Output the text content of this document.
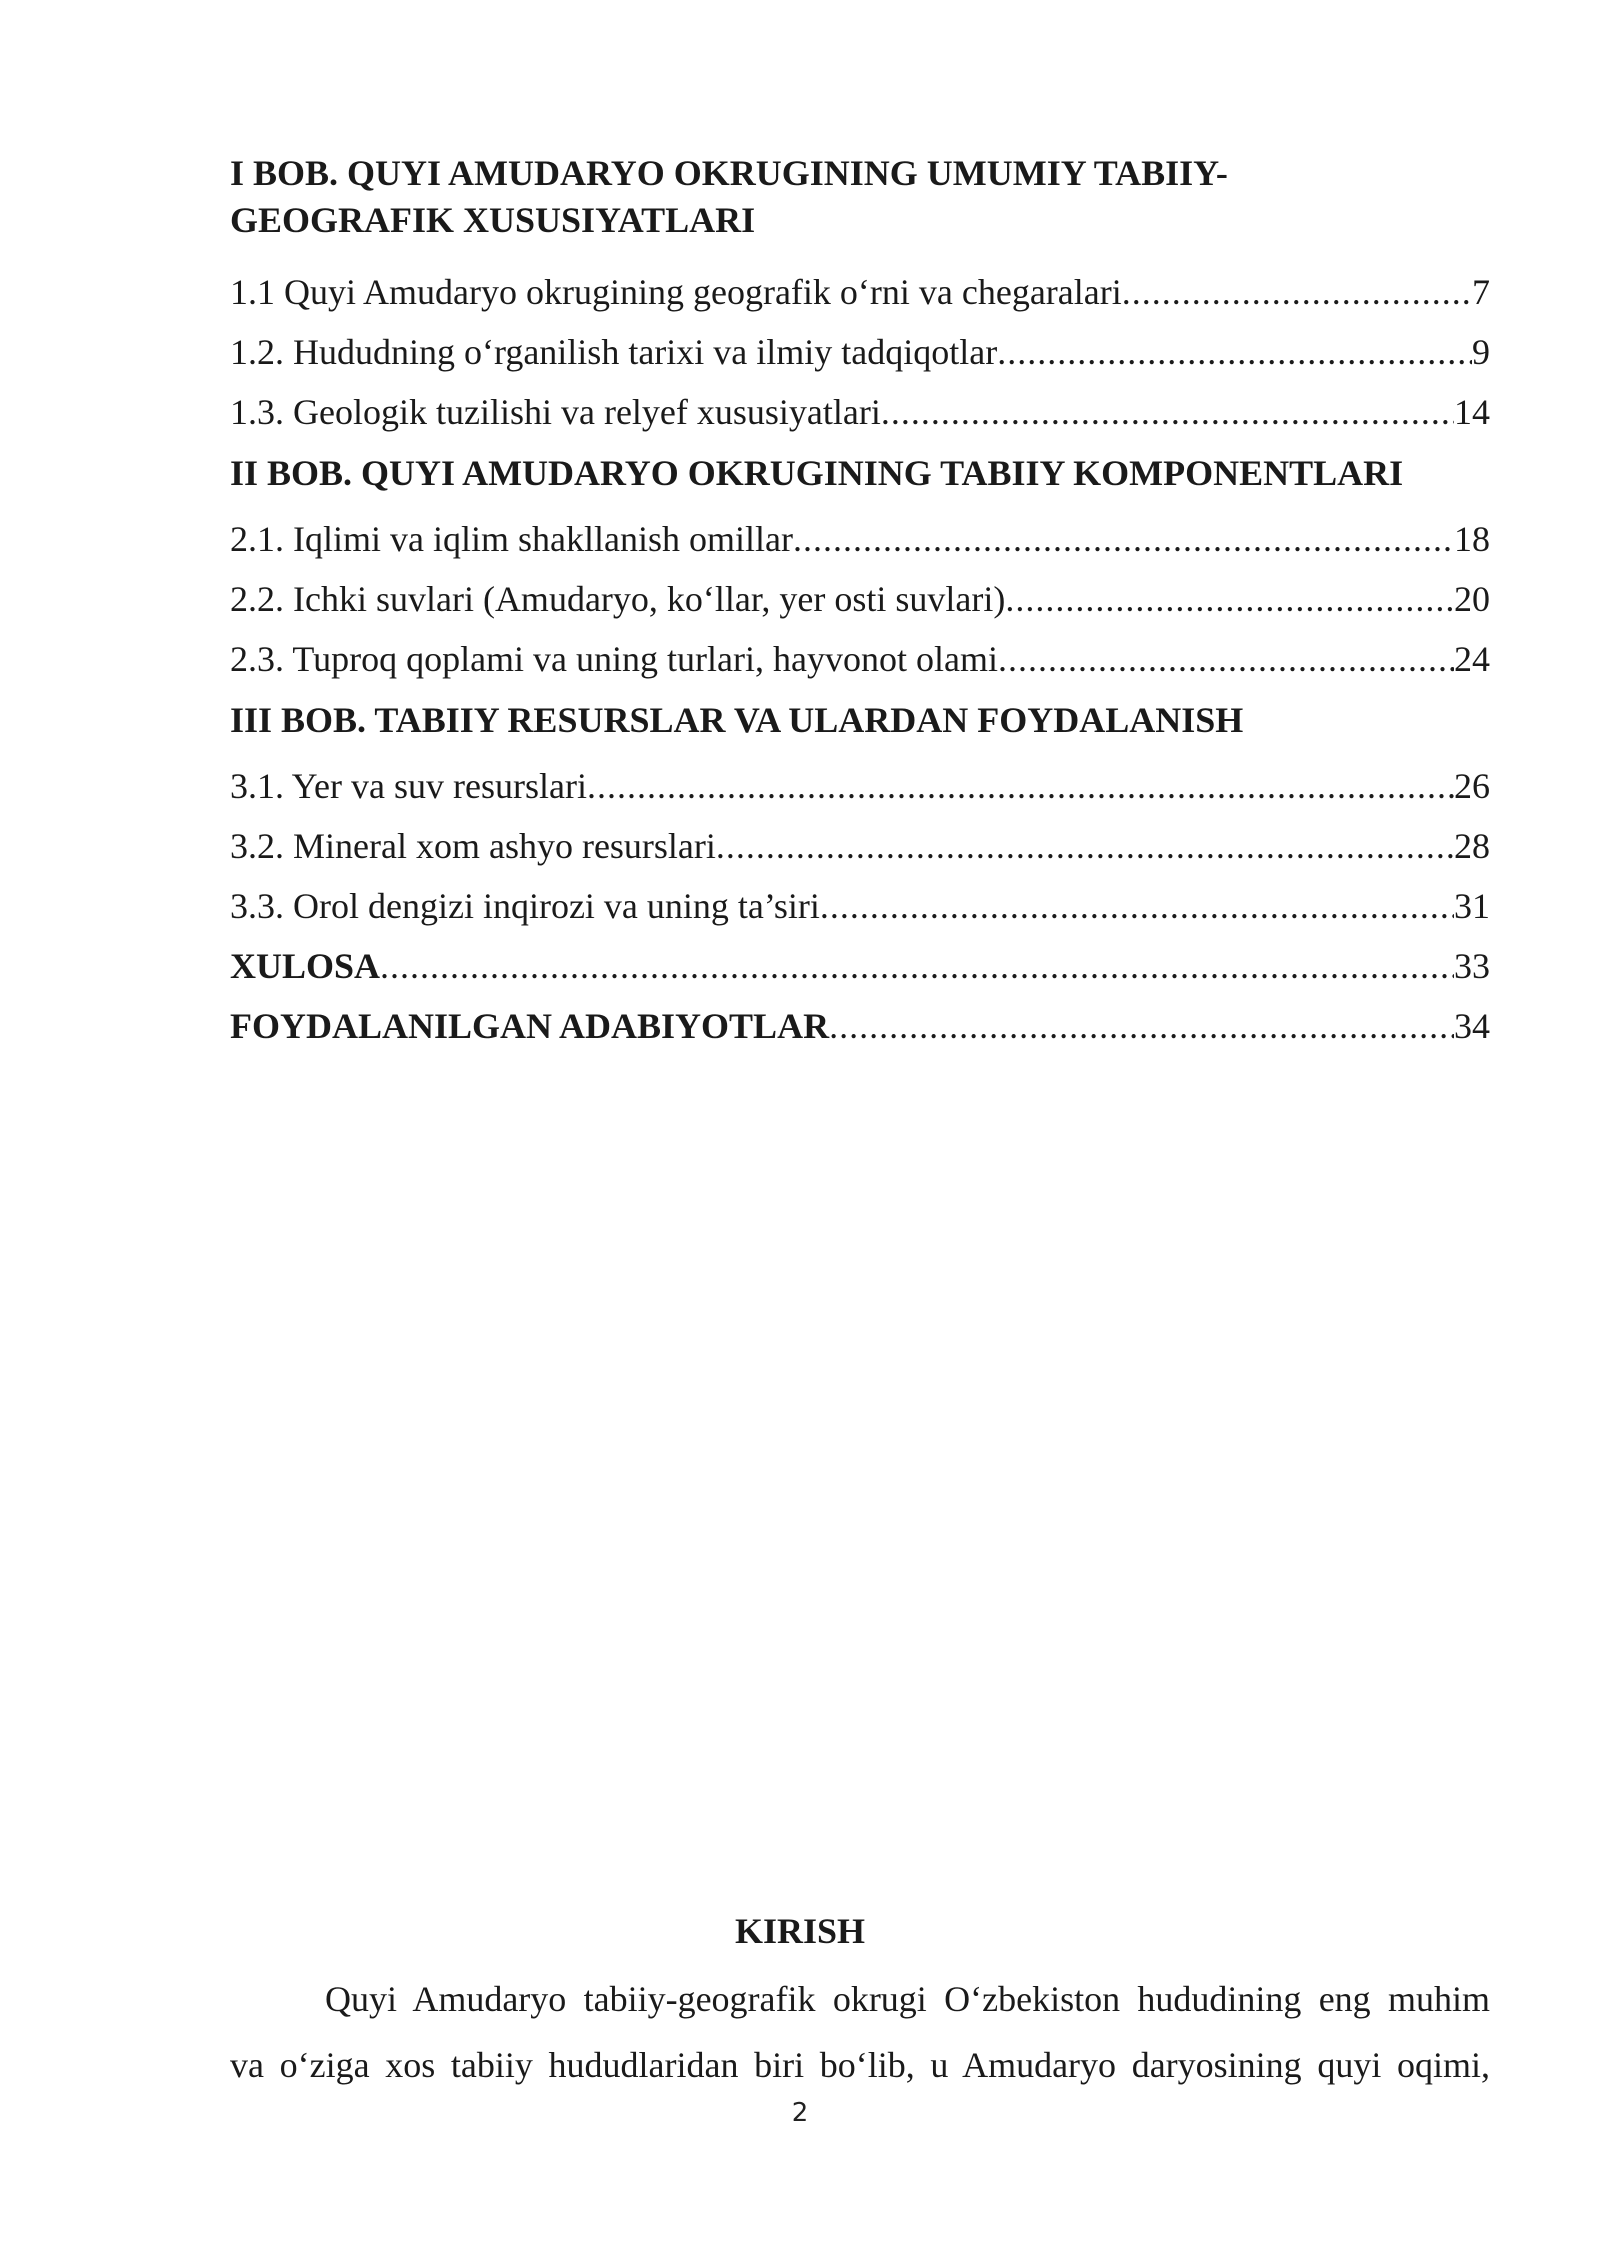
I BOB. QUYI AMUDARYO OKRUGINING UMUMIY TABIIY-
GEOGRAFIK XUSUSIYATLARI

1.1 Quyi Amudaryo okrugining geografik o‘rni va chegaralari .....	7
1.2. Hududning o‘rganilish tarixi va ilmiy tadqiqotlar .....	9
1.3. Geologik tuzilishi va relyef xususiyatlari .....	14

II BOB. QUYI AMUDARYO OKRUGINING TABIIY KOMPONENTLARI

2.1. Iqlimi va iqlim shakllanish omillar .....	18
2.2. Ichki suvlari (Amudaryo, ko‘llar, yer osti suvlari) .....	20
2.3. Tuproq qoplami va uning turlari, hayvonot olami .....	24

III BOB. TABIIY RESURSLAR VA ULARDAN FOYDALANISH

3.1. Yer va suv resurslari .....	26
3.2. Mineral xom ashyo resurslari .....	28
3.3. Orol dengizi inqirozi va uning ta’siri .....	31
XULOSA .....	33
FOYDALANILGAN ADABIYOTLAR .....	34
KIRISH

Quyi Amudaryo tabiiy-geografik okrugi O‘zbekiston hududining eng muhim
va o‘ziga xos tabiiy hududlaridan biri bo‘lib, u Amudaryo daryosining quyi oqimi,

2
